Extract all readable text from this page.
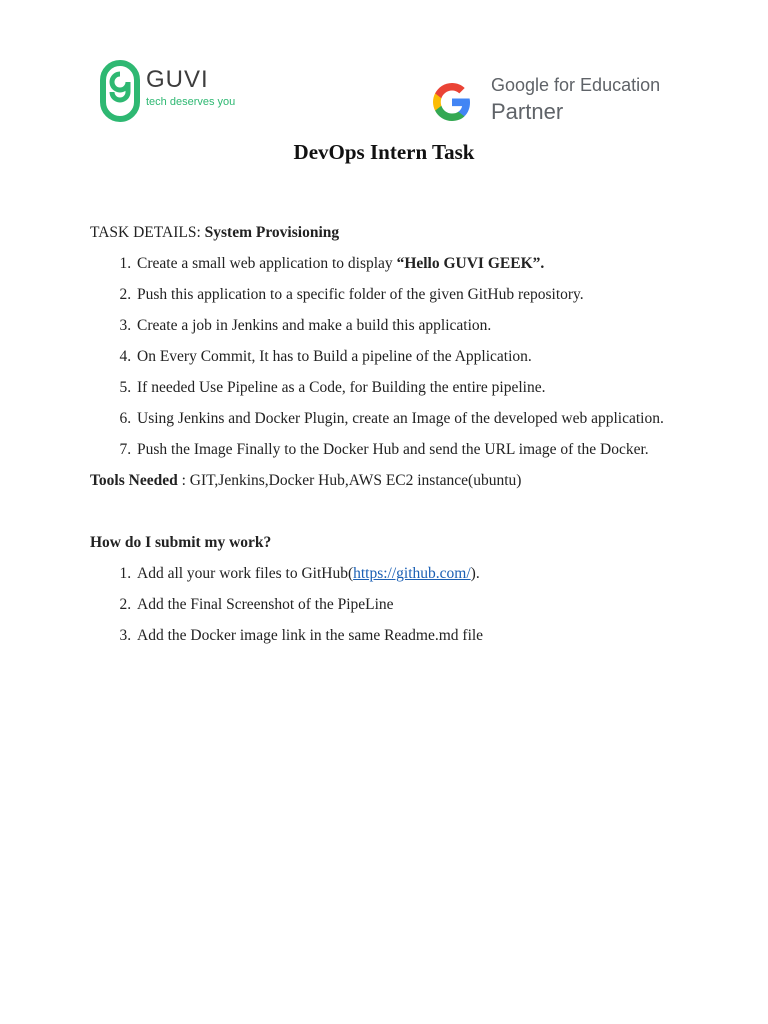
GUVI
tech deserves you
Google for Education
Partner
DevOps Intern Task

TASK DETAILS: System Provisioning

1. Create a small web application to display “Hello GUVI GEEK”.
2. Push this application to a specific folder of the given GitHub repository.
3. Create a job in Jenkins and make a build this application.
4. On Every Commit, It has to Build a pipeline of the Application.
5. If needed Use Pipeline as a Code, for Building the entire pipeline.
6. Using Jenkins and Docker Plugin, create an Image of the developed web application.
7. Push the Image Finally to the Docker Hub and send the URL image of the Docker.

Tools Needed : GIT,Jenkins,Docker Hub,AWS EC2 instance(ubuntu)

How do I submit my work?

1. Add all your work files to GitHub(https://github.com/).
2. Add the Final Screenshot of the PipeLine
3. Add the Docker image link in the same Readme.md file
